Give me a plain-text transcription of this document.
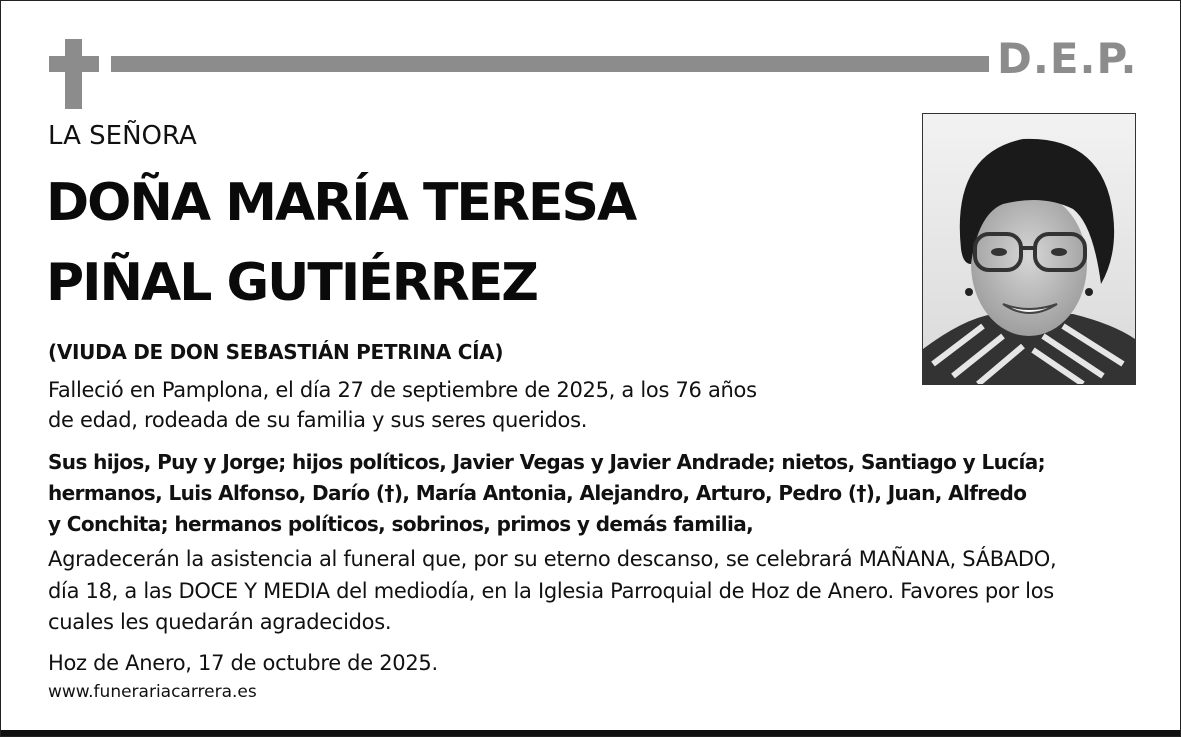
D.E.P.
LA SEÑORA
DOÑA MARÍA TERESA
PIÑAL GUTIÉRREZ
(VIUDA DE DON SEBASTIÁN PETRINA CÍA)
Falleció en Pamplona, el día 27 de septiembre de 2025, a los 76 años
de edad, rodeada de su familia y sus seres queridos.
Sus hijos, Puy y Jorge; hijos políticos, Javier Vegas y Javier Andrade; nietos, Santiago y Lucía;
hermanos, Luis Alfonso, Darío (†), María Antonia, Alejandro, Arturo, Pedro (†), Juan, Alfredo
y Conchita; hermanos políticos, sobrinos, primos y demás familia,
Agradecerán la asistencia al funeral que, por su eterno descanso, se celebrará MAÑANA, SÁBADO,
día 18, a las DOCE Y MEDIA del mediodía, en la Iglesia Parroquial de Hoz de Anero. Favores por los
cuales les quedarán agradecidos.
Hoz de Anero, 17 de octubre de 2025.
www.funerariacarrera.es
